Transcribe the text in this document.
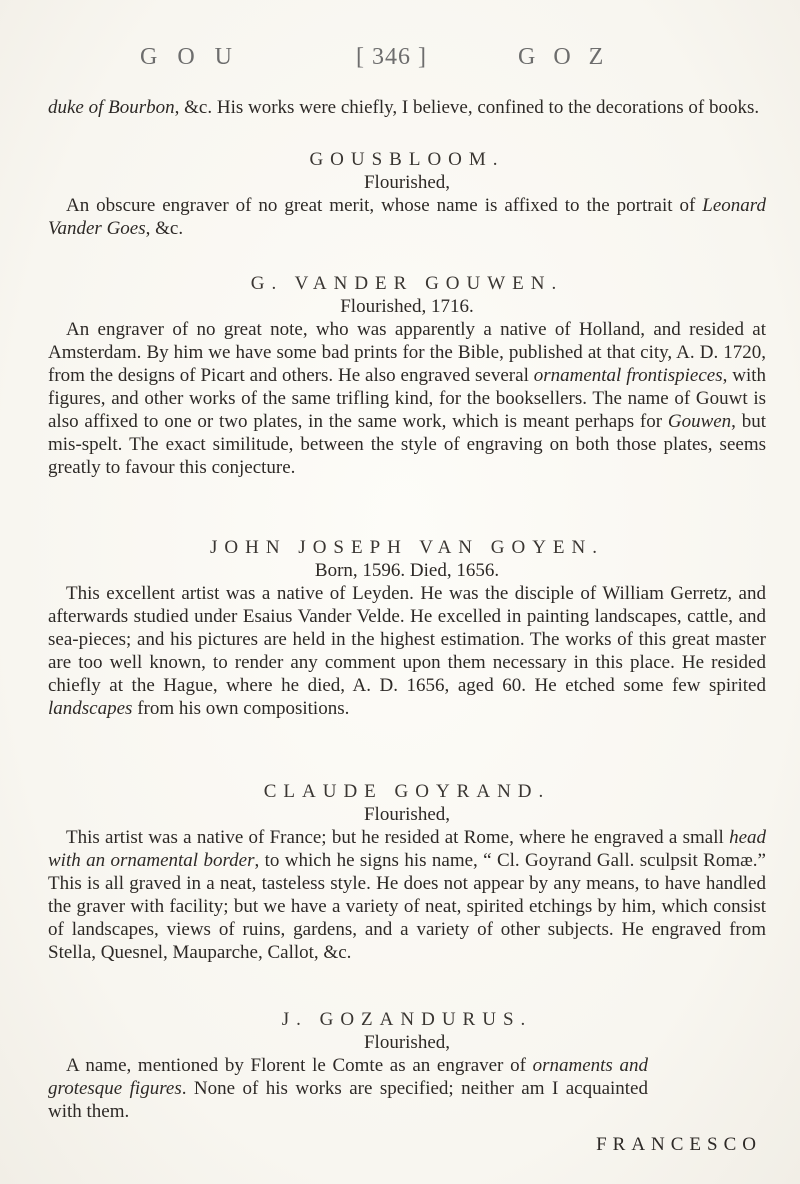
GOU	[ 346 ]	GOZ

duke of Bourbon, &c. His works were chiefly, I believe, confined to the decorations of books.

GOUSBLOOM.

Flourished,

An obscure engraver of no great merit, whose name is affixed to the portrait of Leonard Vander Goes, &c.

G. VANDER GOUWEN.

Flourished, 1716.

An engraver of no great note, who was apparently a native of Holland, and resided at Amsterdam. By him we have some bad prints for the Bible, published at that city, A. D. 1720, from the designs of Picart and others. He also engraved several ornamental frontispieces, with figures, and other works of the same trifling kind, for the booksellers. The name of Gouwt is also affixed to one or two plates, in the same work, which is meant perhaps for Gouwen, but mis-spelt. The exact similitude, between the style of engraving on both those plates, seems greatly to favour this conjecture.

JOHN JOSEPH VAN GOYEN.

Born, 1596. Died, 1656.

This excellent artist was a native of Leyden. He was the disciple of William Gerretz, and afterwards studied under Esaius Vander Velde. He excelled in painting landscapes, cattle, and sea-pieces; and his pictures are held in the highest estimation. The works of this great master are too well known, to render any comment upon them necessary in this place. He resided chiefly at the Hague, where he died, A. D. 1656, aged 60. He etched some few spirited landscapes from his own compositions.

CLAUDE GOYRAND.

Flourished,

This artist was a native of France; but he resided at Rome, where he engraved a small head with an ornamental border, to which he signs his name, “ Cl. Goyrand Gall. sculpsit Romæ.” This is all graved in a neat, tasteless style. He does not appear by any means, to have handled the graver with facility; but we have a variety of neat, spirited etchings by him, which consist of landscapes, views of ruins, gardens, and a variety of other subjects. He engraved from Stella, Quesnel, Mauparche, Callot, &c.

J. GOZANDURUS.

Flourished,

A name, mentioned by Florent le Comte as an engraver of ornaments and grotesque figures. None of his works are specified; neither am I acquainted with them.

FRANCESCO
